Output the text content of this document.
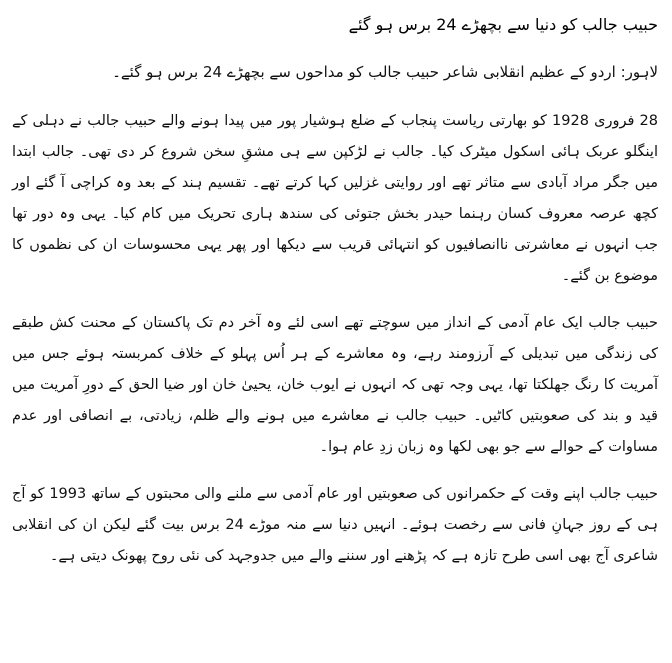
حبیب جالب کو دنیا سے بچھڑے 24 برس ہو گئے

لاہور: اردو کے عظیم انقلابی شاعر حبیب جالب کو مداحوں سے بچھڑے 24 برس ہو گئے۔

28 فروری 1928 کو بھارتی ریاست پنجاب کے ضلع ہوشیار پور میں پیدا ہونے والے حبیب جالب نے دہلی کے اینگلو عربک ہائی اسکول میٹرک کیا۔ جالب نے لڑکپن سے ہی مشقِ سخن شروع کر دی تھی۔ جالب ابتدا میں جگر مراد آبادی سے متاثر تھے اور روایتی غزلیں کہا کرتے تھے۔ تقسیم ہند کے بعد وہ کراچی آ گئے اور کچھ عرصہ معروف کسان رہنما حیدر بخش جتوئی کی سندھ ہاری تحریک میں کام کیا۔ یہی وہ دور تھا جب انہوں نے معاشرتی ناانصافیوں کو انتہائی قریب سے دیکھا اور پھر یہی محسوسات ان کی نظموں کا موضوع بن گئے۔

حبیب جالب ایک عام آدمی کے انداز میں سوچتے تھے اسی لئے وہ آخر دم تک پاکستان کے محنت کش طبقے کی زندگی میں تبدیلی کے آرزومند رہے، وہ معاشرے کے ہر اُس پہلو کے خلاف کمربستہ ہوئے جس میں آمریت کا رنگ جھلکتا تھا، یہی وجہ تھی کہ انہوں نے ایوب خان، یحییٰ خان اور ضیا الحق کے دورِ آمریت میں قید و بند کی صعوبتیں کاٹیں۔ حبیب جالب نے معاشرے میں ہونے والے ظلم، زیادتی، بے انصافی اور عدم مساوات کے حوالے سے جو بھی لکھا وہ زبان زدِ عام ہوا۔

حبیب جالب اپنے وقت کے حکمرانوں کی صعوبتیں اور عام آدمی سے ملنے والی محبتوں کے ساتھ 1993 کو آج ہی کے روز جہانِ فانی سے رخصت ہوئے۔ انہیں دنیا سے منہ موڑے 24 برس بیت گئے لیکن ان کی انقلابی شاعری آج بھی اسی طرح تازہ ہے کہ پڑھنے اور سننے والے میں جدوجہد کی نئی روح پھونک دیتی ہے۔
